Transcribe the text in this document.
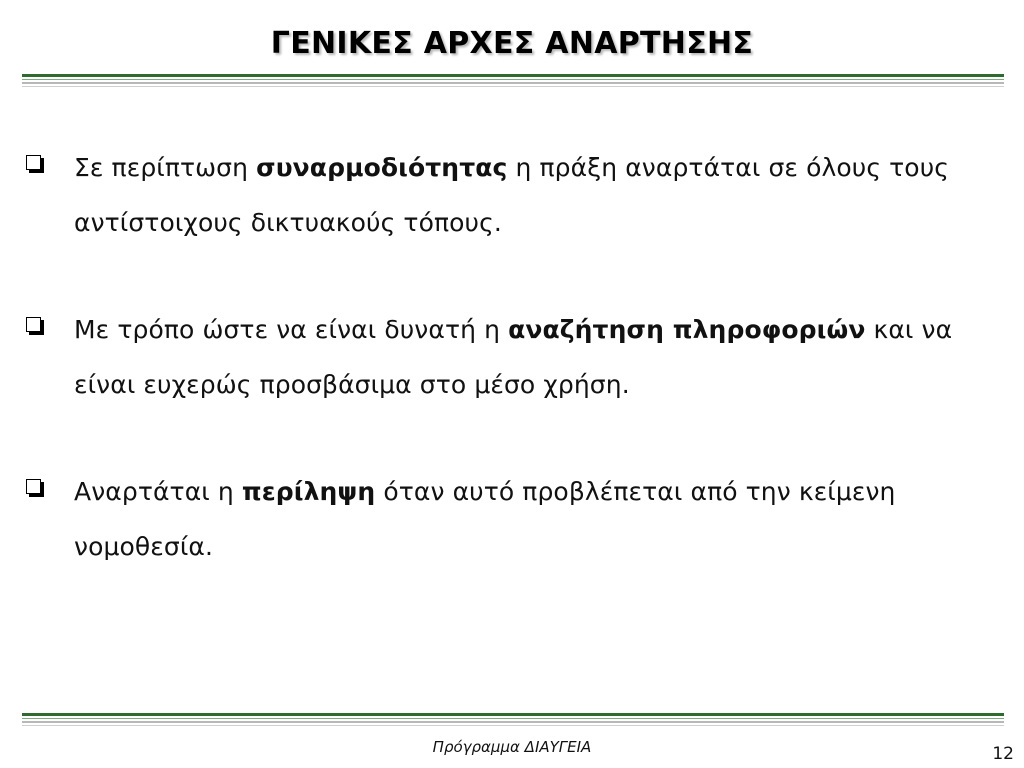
ΓΕΝΙΚΕΣ ΑΡΧΕΣ ΑΝΑΡΤΗΣΗΣ
Σε περίπτωση συναρμοδιότητας η πράξη αναρτάται σε όλους τους αντίστοιχους δικτυακούς τόπους.
Με τρόπο ώστε να είναι δυνατή η αναζήτηση πληροφοριών και να είναι ευχερώς προσβάσιμα στο μέσο χρήση.
Αναρτάται η περίληψη όταν αυτό προβλέπεται από την κείμενη νομοθεσία.
Πρόγραμμα ΔΙΑΥΓΕΙΑ	12
